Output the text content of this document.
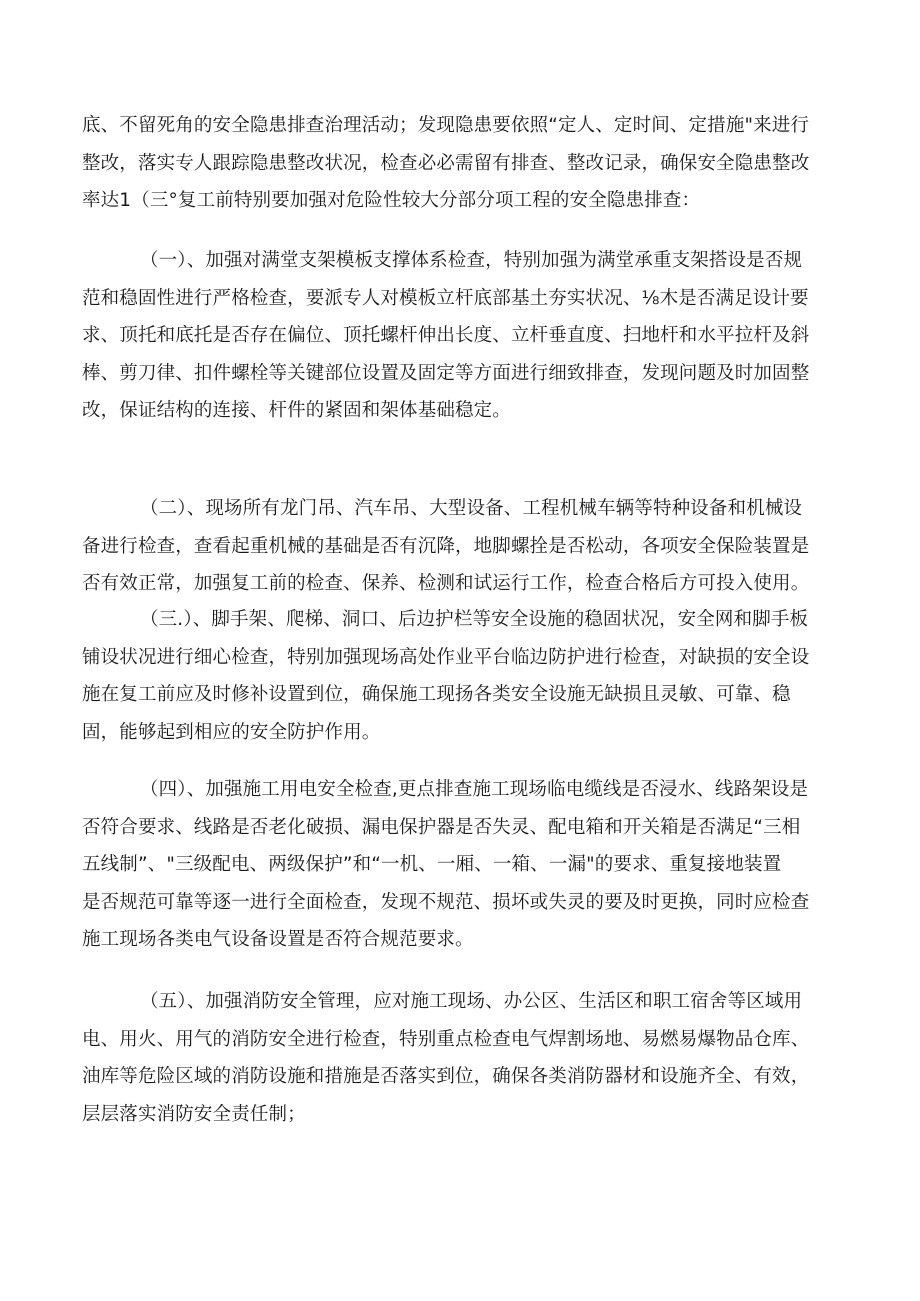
底、不留死角的安全隐患排查治理活动；发现隐患要依照“定人、定时间、定措施"来进行
整改，落实专人跟踪隐患整改状况，检查必必需留有排查、整改记录，确保安全隐患整改
率达1（三°复工前特别要加强对危险性较大分部分项工程的安全隐患排查：
（一）、加强对满堂支架模板支撑体系检查，特别加强为满堂承重支架搭设是否规
范和稳固性进行严格检查，要派专人对模板立杆底部基土夯实状况、⅛木是否满足设计要
求、顶托和底托是否存在偏位、顶托螺杆伸出长度、立杆垂直度、扫地杆和水平拉杆及斜
棒、剪刀律、扣件螺栓等关键部位设置及固定等方面进行细致排查，发现问题及时加固整
改，保证结构的连接、杆件的紧固和架体基础稳定。
（二）、现场所有龙门吊、汽车吊、大型设备、工程机械车辆等特种设备和机械设
备进行检查，查看起重机械的基础是否有沉降，地脚螺拴是否松动，各项安全保险装置是
否有效正常，加强复工前的检查、保养、检测和试运行工作，检查合格后方可投入使用。
（三.）、脚手架、爬梯、洞口、后边护栏等安全设施的稳固状况，安全网和脚手板
铺设状况进行细心检查，特别加强现场高处作业平台临边防护进行检查，对缺损的安全设
施在复工前应及时修补设置到位，确保施工现扬各类安全设施无缺损且灵敏、可靠、稳
固，能够起到相应的安全防护作用。
（四）、加强施工用电安全检查,更点排查施工现场临电缆线是否浸水、线路架设是
否符合要求、线路是否老化破损、漏电保护器是否失灵、配电箱和开关箱是否满足“三相
五线制”、"三级配电、两级保护”和“一机、一厢、一箱、一漏"的要求、重复接地装置
是否规范可靠等逐一进行全面检查，发现不规范、损坏或失灵的要及时更换，同时应检查
施工现场各类电气设备设置是否符合规范要求。
（五）、加强消防安全管理，应对施工现场、办公区、生活区和职工宿舍等区域用
电、用火、用气的消防安全进行检查，特别重点检查电气焊割场地、易燃易爆物品仓库、
油库等危险区域的消防设施和措施是否落实到位，确保各类消防器材和设施齐全、有效，
层层落实消防安全责任制；
